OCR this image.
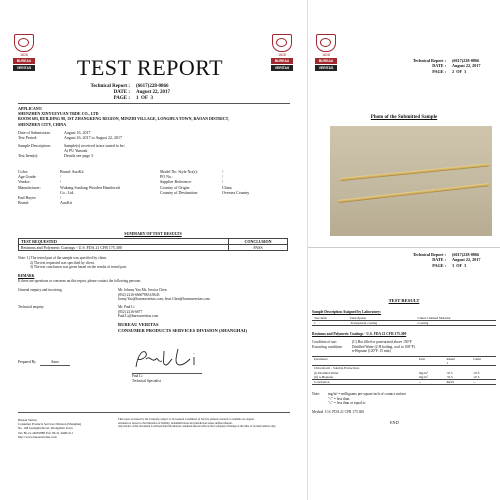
1828
BUREAU
VERITAS
1828
BUREAU
VERITAS
TEST REPORT
Technical Report : (6617)228-0866
DATE : August 22, 2017
PAGE : 1 OF 3
APPLICANT:
SHENZHEN XINYUEYUAN TRDE CO., LTD
ROOM 603, BUILDING 98, 1ST ZHANGKENG REGION, MINZHI VILLAGE, LONGHUA TOWN, BAOAN DISTRICT,
SHENZHEN CITY, CHINA
Date of Submission:	August 16, 2017
Test Period:	August 16, 2017 to August 22, 2017
Sample Description:	Sample(s) received is/are stated to be:
Ai PU Yumizk
Test Item(s):	Details see page 3
Color:	Brand: AuoKit
Age Grade:	/
Vendor:	/
Manufacturer:	Wukang Sunlong Wooden Handicraft
Co., Ltd.
End Buyer:	/
Brand:	AuoKit
Model No. Style No(s):	/
PO No.:	/
Supplier Reference:	/
Country of Origin:	China
Country of Destination:	Oversea Country
SUMMARY OF TEST RESULTS
TEST REQUESTED	CONCLUSION
Resinous and Polymeric Coatings - U.S. FDA 21 CFR 175.300	PASS
Note: 1) The tested part of the sample was specified by client.
2) The test requested was specified by client.
3) The test conclusion was given based on the results of tested part.
REMARK
If there are questions or concerns on this report, please contact the following persons:
General enquiry and invoicing	Mr. Johnny Yao Ms. Jessica Chen
(852) 2216-6666*8631/8643
Jonny.Yao@bureauveritas.com; Jessi.Chen@bureauveritas.com
Technical enquiry	Mr. Paul Li
(852) 2216-6677
Paul.Li@bureauveritas.com
BUREAU VERITAS
CONSUMER PRODUCTS SERVICES DIVISION (SHANGHAI)
Prepared By	Anna
Paul Li
Technical Specialist
Bureau Veritas
Consumer Products Services Division (Shanghai)
No. 168 Guanghai Road, Zhongshan Town
Tel: 86-21-24081888 Fax: 86-21-64961111
http://www.bureauveritas.com
This report is issued by the Company subject to its General Conditions of Service printed overleaf or available on request.
Attention is drawn to the limitation of liability, indemnification and jurisdiction issues defined therein.
Any holder of this document is advised that information contained hereon reflects the Company's findings at the time of its intervention only.
1828
BUREAU
VERITAS
Technical Report : (6617)228-0866
DATE : August 22, 2017
PAGE : 2 OF 3
Photo of the Submitted Sample
Technical Report : (6617)228-0866
DATE : August 22, 2017
PAGE : 3 OF 3
TEST RESULT
Sample Description Assigned by Laboratory:
Test Item	Description	Client Claimed Material
1	Transparent coating	Coating
Resinous and Polymeric Coatings - U.S. FDA 21 CFR 175.300
Condition of use:	(C) Hot filled or pasteurized above 150°F
Extracting condition:	Distilled Water (2 H boiling, cool to 100°F)
n-Heptane (120°F, 15 min)
Parameter	Unit	Result	Limit
		1	
Chloroform - Soluble Extractives			
(i) Distilled Water	mg/in²	<0.5	≤0.5
(ii) n-Heptane	mg/in²	<0.5	≤0.5
Conclusion	--	PASS	--
Note:	mg/in² = milligrams per square inch of contact surface
"<" = less than
"≤" = less than or equal to
Method U.S. FDA 21 CFR 175.300
END
